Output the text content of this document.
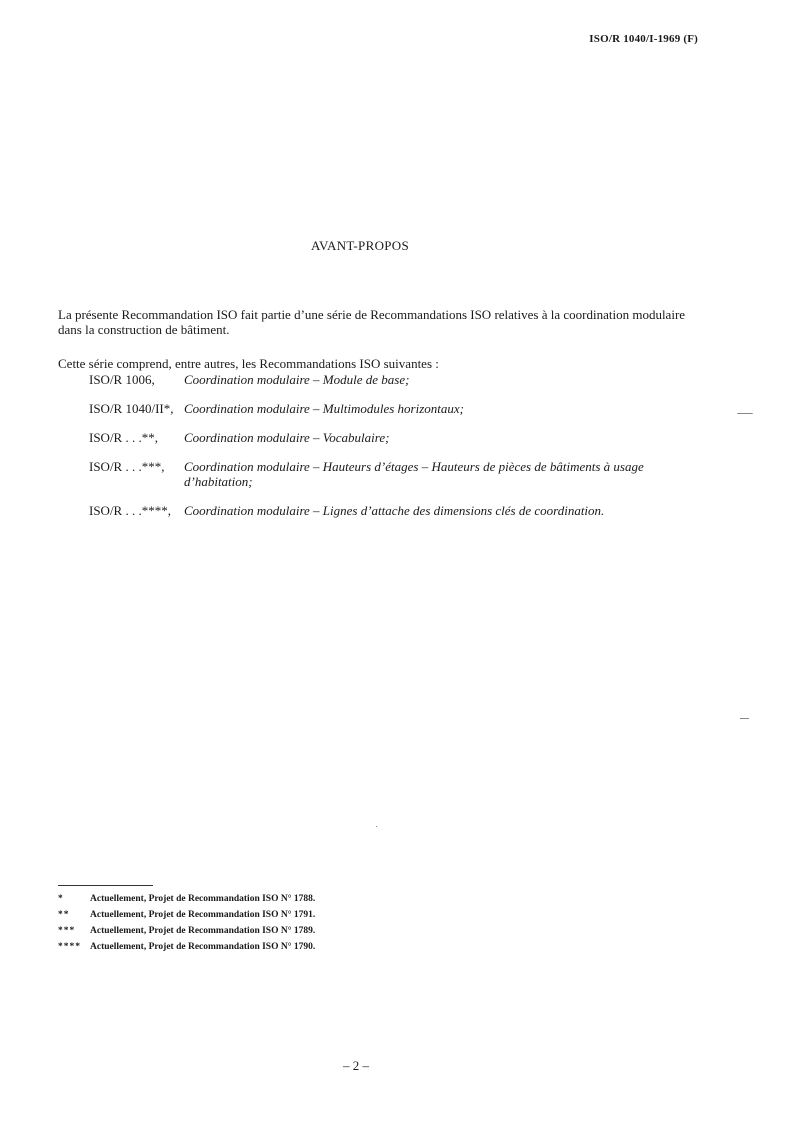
ISO/R 1040/I-1969 (F)
AVANT-PROPOS

La présente Recommandation ISO fait partie d’une série de Recommandations ISO relatives à la coordination modulaire dans la construction de bâtiment.

Cette série comprend, entre autres, les Recommandations ISO suivantes :

ISO/R 1006,	Coordination modulaire – Module de base;
ISO/R 1040/II*, Coordination modulaire – Multimodules horizontaux;
ISO/R . . .**,	Coordination modulaire – Vocabulaire;
ISO/R . . .***,	Coordination modulaire – Hauteurs d’étages – Hauteurs de pièces de bâtiments à usage d’habitation;
ISO/R . . .****,	Coordination modulaire – Lignes d’attache des dimensions clés de coordination.
*	Actuellement, Projet de Recommandation ISO N° 1788.
**	Actuellement, Projet de Recommandation ISO N° 1791.
***	Actuellement, Projet de Recommandation ISO N° 1789.
**** Actuellement, Projet de Recommandation ISO N° 1790.
– 2 –
